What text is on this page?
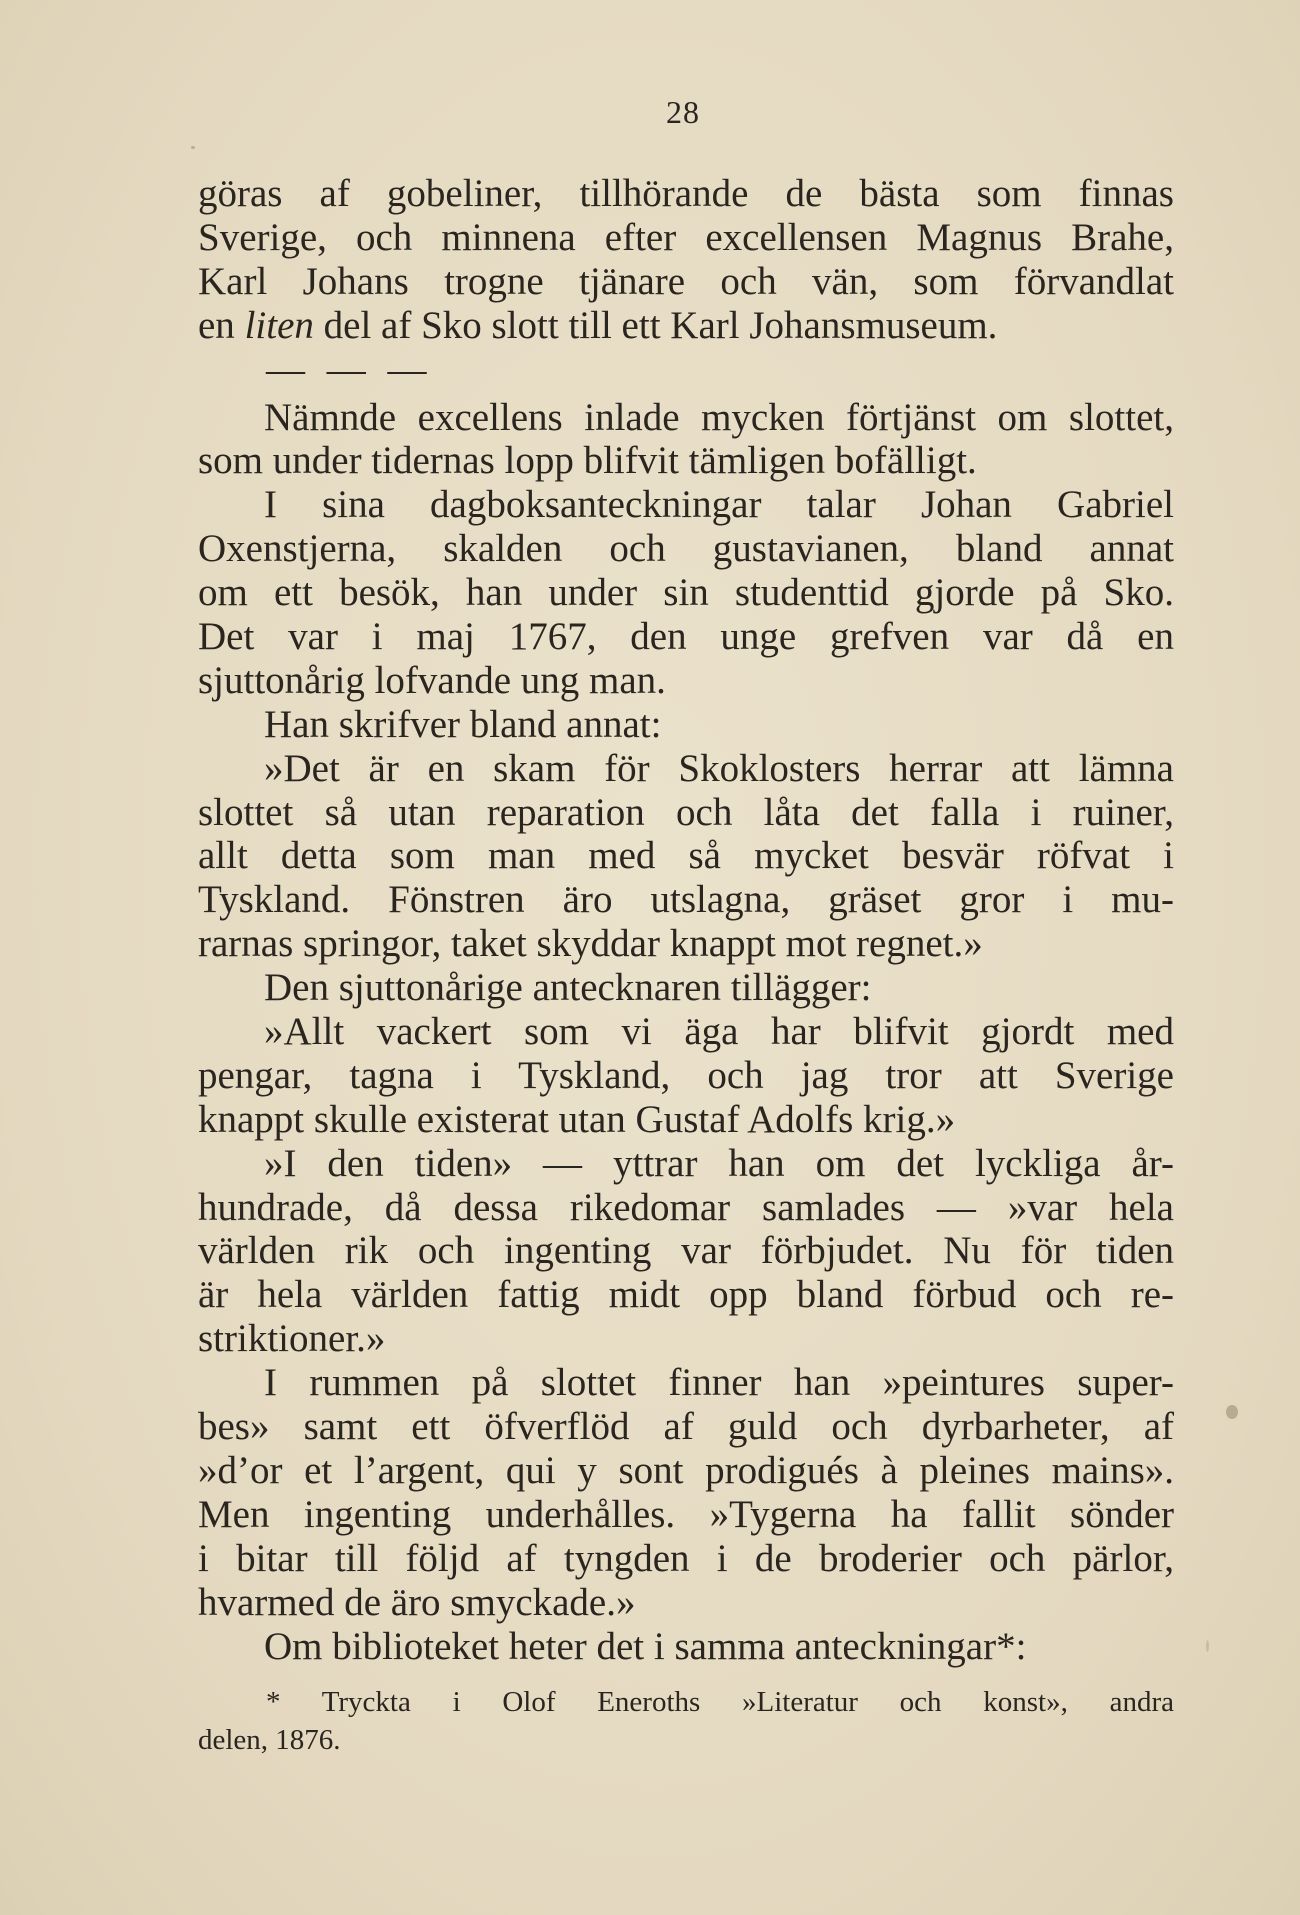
28
göras af gobeliner, tillhörande de bästa som finnas
Sverige, och minnena efter excellensen Magnus Brahe,
Karl Johans trogne tjänare och vän, som förvandlat
en liten del af Sko slott till ett Karl Johansmuseum.
— — —
Nämnde excellens inlade mycken förtjänst om slottet,
som under tidernas lopp blifvit tämligen bofälligt.
I sina dagboksanteckningar talar Johan Gabriel
Oxenstjerna, skalden och gustavianen, bland annat
om ett besök, han under sin studenttid gjorde på Sko.
Det var i maj 1767, den unge grefven var då en
sjuttonårig lofvande ung man.
Han skrifver bland annat:
»Det är en skam för Skoklosters herrar att lämna
slottet så utan reparation och låta det falla i ruiner,
allt detta som man med så mycket besvär röfvat i
Tyskland. Fönstren äro utslagna, gräset gror i mu-
rarnas springor, taket skyddar knappt mot regnet.»
Den sjuttonårige antecknaren tillägger:
»Allt vackert som vi äga har blifvit gjordt med
pengar, tagna i Tyskland, och jag tror att Sverige
knappt skulle existerat utan Gustaf Adolfs krig.»
»I den tiden» — yttrar han om det lyckliga år-
hundrade, då dessa rikedomar samlades — »var hela
världen rik och ingenting var förbjudet. Nu för tiden
är hela världen fattig midt opp bland förbud och re-
striktioner.»
I rummen på slottet finner han »peintures super-
bes» samt ett öfverflöd af guld och dyrbarheter, af
»d’or et l’argent, qui y sont prodigués à pleines mains».
Men ingenting underhålles. »Tygerna ha fallit sönder
i bitar till följd af tyngden i de broderier och pärlor,
hvarmed de äro smyckade.»
Om biblioteket heter det i samma anteckningar*:
* Tryckta i Olof Eneroths »Literatur och konst», andra
delen, 1876.
